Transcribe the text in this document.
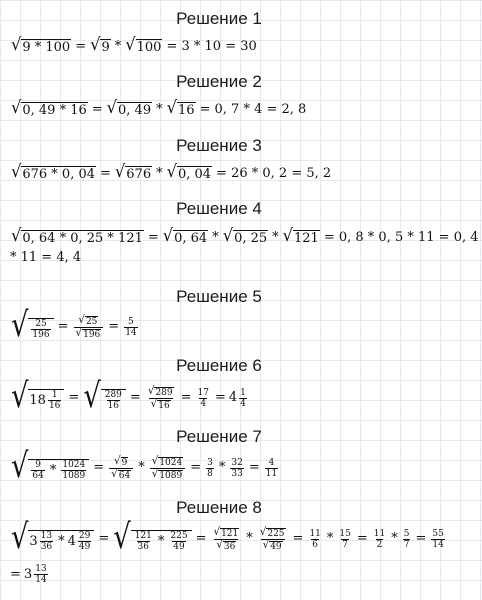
Решение 1
√ 9 * 100 = √ 9 * √ 100 = 3 * 10 = 30
Решение 2
√ 0, 49 * 16 = √ 0, 49 * √ 16 = 0, 7 * 4 = 2, 8
Решение 3
√ 676 * 0, 04 = √ 676 * √ 0, 04 = 26 * 0, 2 = 5, 2
Решение 4
√ 0, 64 * 0, 25 * 121 = √ 0, 64 * √ 0, 25 * √ 121 = 0, 8 * 0, 5 * 11 = 0, 4
* 11 = 4, 4
Решение 5
√ $\frac{25}{196} = \frac{√ 25}{√ 196} = \frac{5}{14}$
Решение 6
√ $18 \frac{1}{16}$ = √ $\frac{289}{16} = \frac{√ 289}{√ 16} = \frac{17}{4} = 4 \frac{1}{4}$
Решение 7
√ $\frac{9}{64} * \frac{1024}{1089} = \frac{√ 9}{√ 64} * \frac{√ 1024}{√ 1089} = \frac{3}{8} * \frac{32}{33} = \frac{4}{11}$
Решение 8
√ $3 \frac{13}{36} * 4 \frac{29}{49}$ = √ $\frac{121}{36} * \frac{225}{49} = \frac{√ 121}{√ 36} * \frac{√ 225}{√ 49} = \frac{11}{6} * \frac{15}{7} = \frac{11}{2} * \frac{5}{7} = \frac{55}{14}$
= $3 \frac{13}{14}$
